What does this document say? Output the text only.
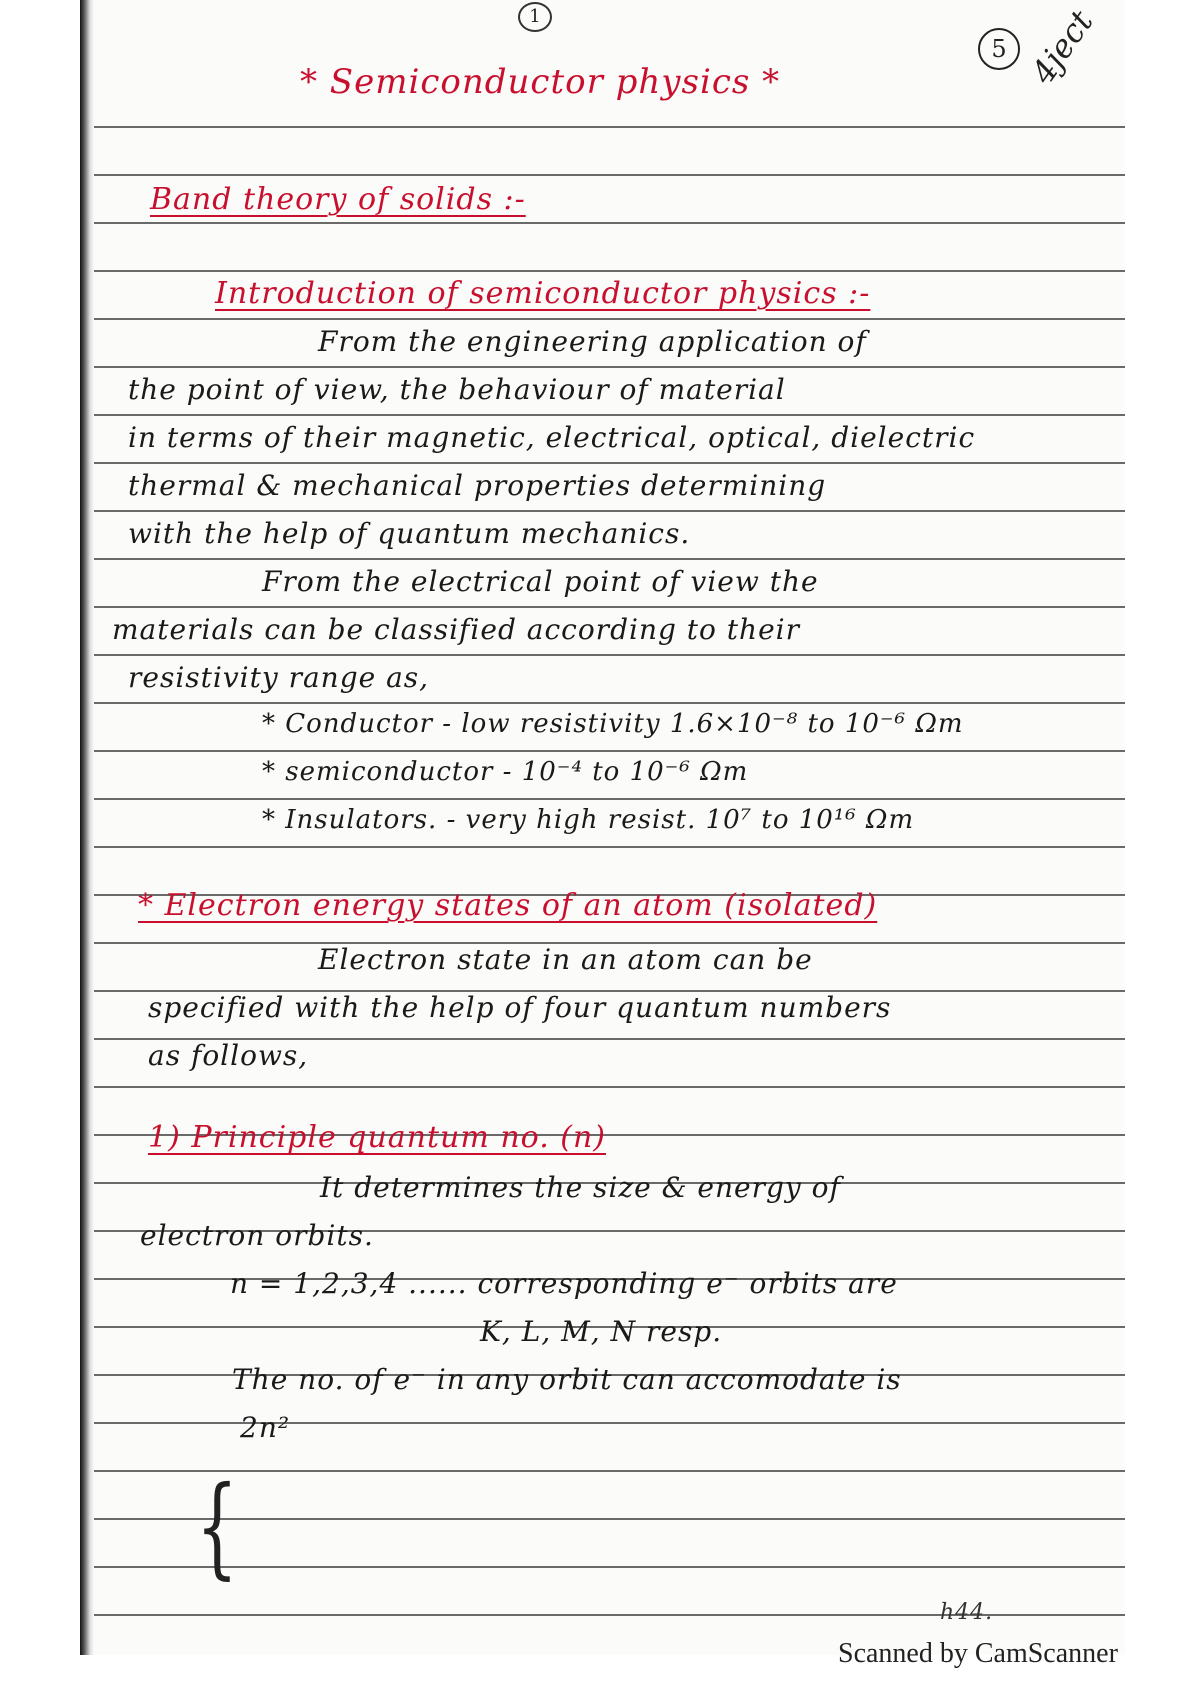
1
* Semiconductor physics *
5 4ject
Band theory of solids :-
Introduction of semiconductor physics :-
From the engineering application of
the point of view, the behaviour of material
in terms of their magnetic, electrical, optical, dielectric
thermal & mechanical properties determining
with the help of quantum mechanics.
From the electrical point of view the
materials can be classified according to their
resistivity range as,
* Conductor - low resistivity 1.6×10⁻⁸ to 10⁻⁶ Ωm
* semiconductor - 10⁻⁴ to 10⁻⁶ Ωm
* Insulators. - very high resist. 10⁷ to 10¹⁶ Ωm
* Electron energy states of an atom (isolated)
Electron state in an atom can be
specified with the help of four quantum numbers
as follows,
1) Principle quantum no. (n)
It determines the size & energy of
electron orbits.
n = 1,2,3,4 ...... corresponding e⁻ orbits are
K, L, M, N resp.
The no. of e⁻ in any orbit can accomodate is
2n²
{
h44.
Scanned by CamScanner
